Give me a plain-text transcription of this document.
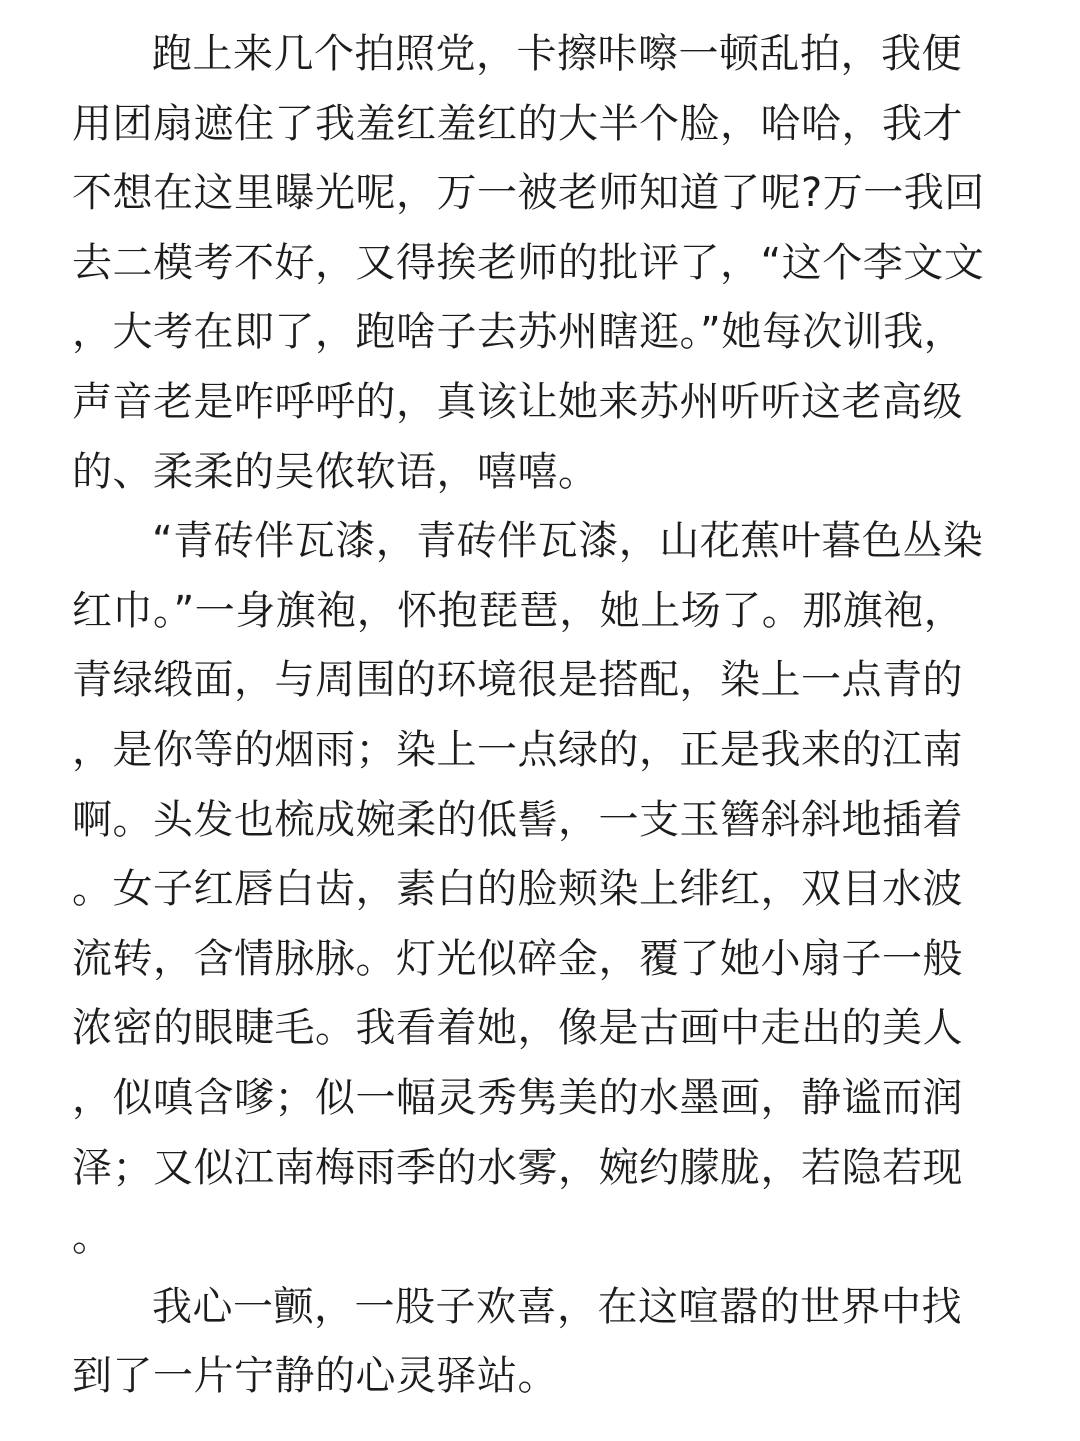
跑上来几个拍照党，卡擦咔嚓一顿乱拍，我便
用团扇遮住了我羞红羞红的大半个脸，哈哈，我才
不想在这里曝光呢，万一被老师知道了呢?万一我回
去二模考不好，又得挨老师的批评了，“这个李文文
，大考在即了，跑啥子去苏州瞎逛。”她每次训我，
声音老是咋呼呼的，真该让她来苏州听听这老高级
的、柔柔的吴侬软语，嘻嘻。
“青砖伴瓦漆，青砖伴瓦漆，山花蕉叶暮色丛染
红巾。”一身旗袍，怀抱琵琶，她上场了。那旗袍，
青绿缎面，与周围的环境很是搭配，染上一点青的
，是你等的烟雨；染上一点绿的，正是我来的江南
啊。头发也梳成婉柔的低髻，一支玉簪斜斜地插着
。女子红唇白齿，素白的脸颊染上绯红，双目水波
流转，含情脉脉。灯光似碎金，覆了她小扇子一般
浓密的眼睫毛。我看着她，像是古画中走出的美人
，似嗔含嗲；似一幅灵秀隽美的水墨画，静谧而润
泽；又似江南梅雨季的水雾，婉约朦胧，若隐若现
。
我心一颤，一股子欢喜，在这喧嚣的世界中找
到了一片宁静的心灵驿站。
